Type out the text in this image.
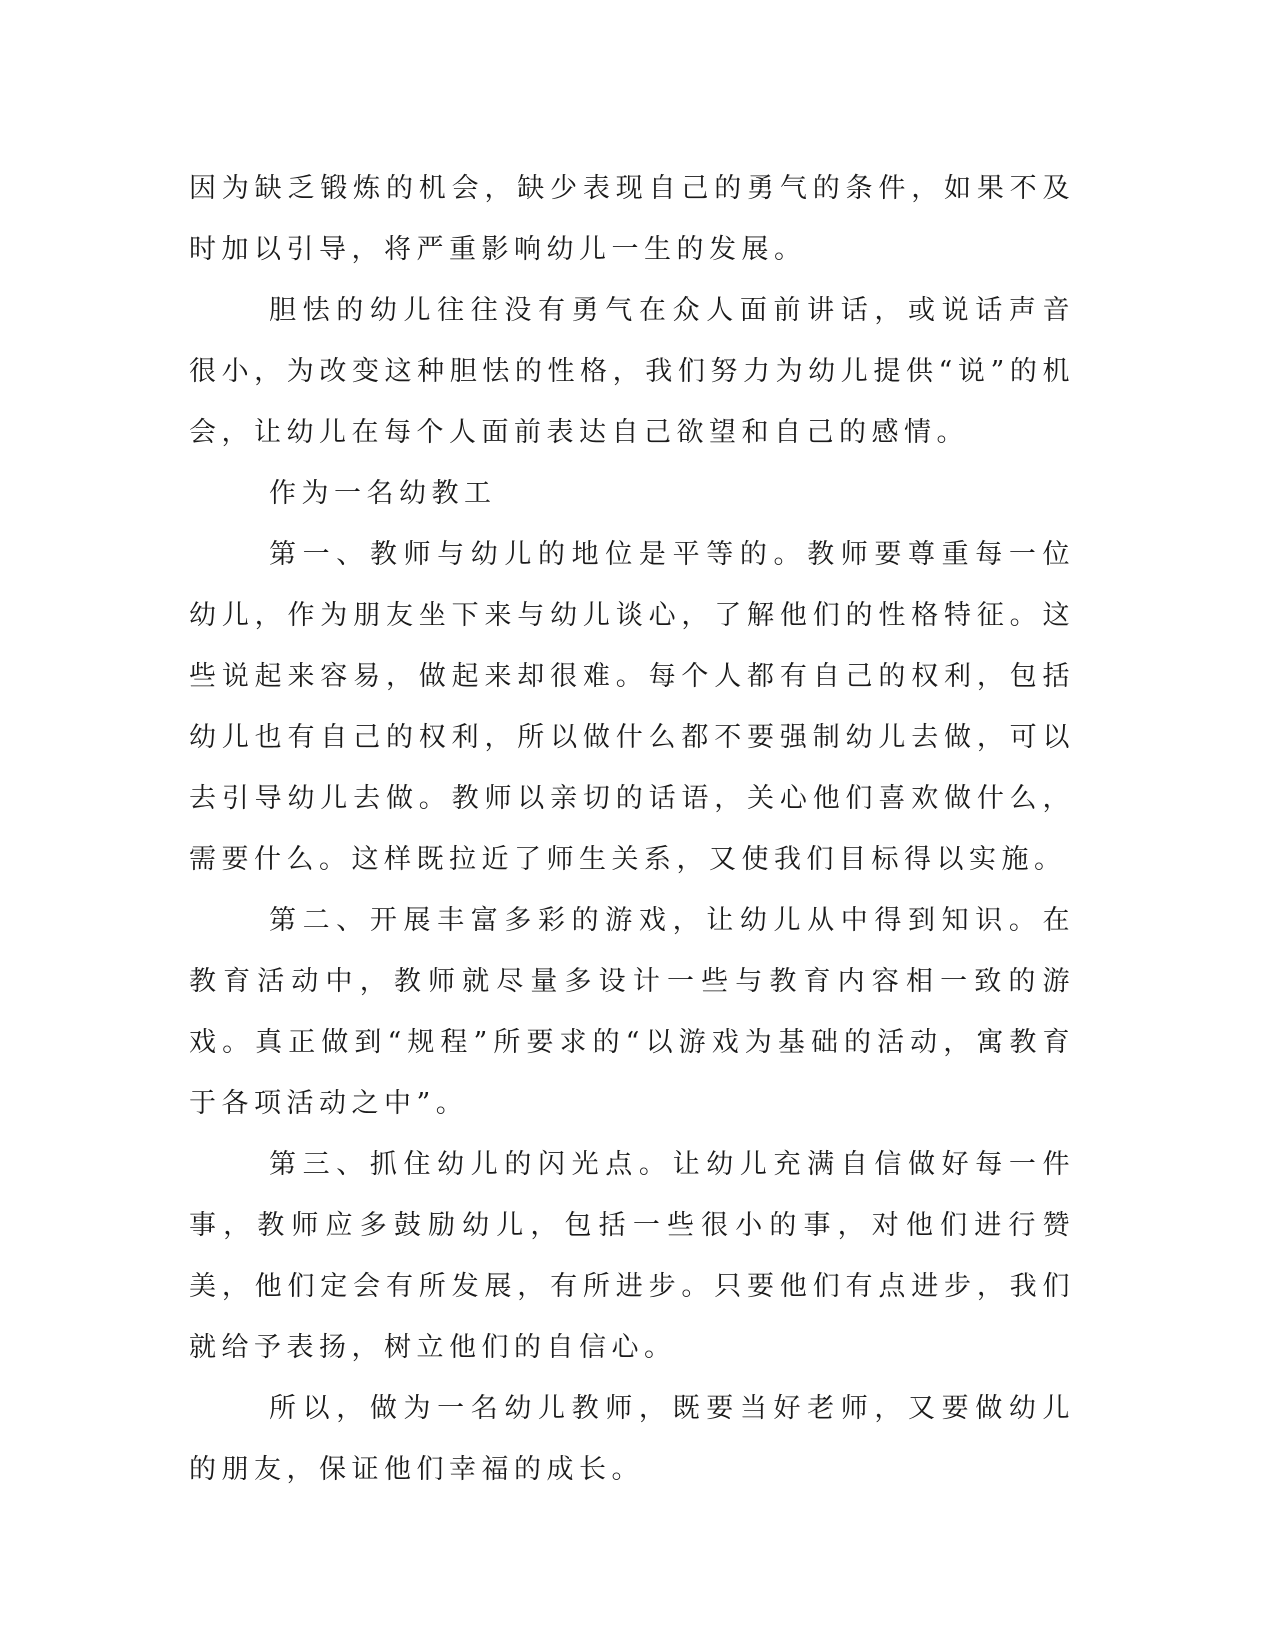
因为缺乏锻炼的机会，缺少表现自己的勇气的条件，如果不及时加以引导，将严重影响幼儿一生的发展。

胆怯的幼儿往往没有勇气在众人面前讲话，或说话声音很小，为改变这种胆怯的性格，我们努力为幼儿提供“说”的机会，让幼儿在每个人面前表达自己欲望和自己的感情。

作为一名幼教工

第一、教师与幼儿的地位是平等的。教师要尊重每一位幼儿，作为朋友坐下来与幼儿谈心，了解他们的性格特征。这些说起来容易，做起来却很难。每个人都有自己的权利，包括幼儿也有自己的权利，所以做什么都不要强制幼儿去做，可以去引导幼儿去做。教师以亲切的话语，关心他们喜欢做什么，需要什么。这样既拉近了师生关系，又使我们目标得以实施。

第二、开展丰富多彩的游戏，让幼儿从中得到知识。在教育活动中，教师就尽量多设计一些与教育内容相一致的游戏。真正做到“规程”所要求的“以游戏为基础的活动，寓教育于各项活动之中”。

第三、抓住幼儿的闪光点。让幼儿充满自信做好每一件事，教师应多鼓励幼儿，包括一些很小的事，对他们进行赞美，他们定会有所发展，有所进步。只要他们有点进步，我们就给予表扬，树立他们的自信心。

所以，做为一名幼儿教师，既要当好老师，又要做幼儿的朋友，保证他们幸福的成长。
